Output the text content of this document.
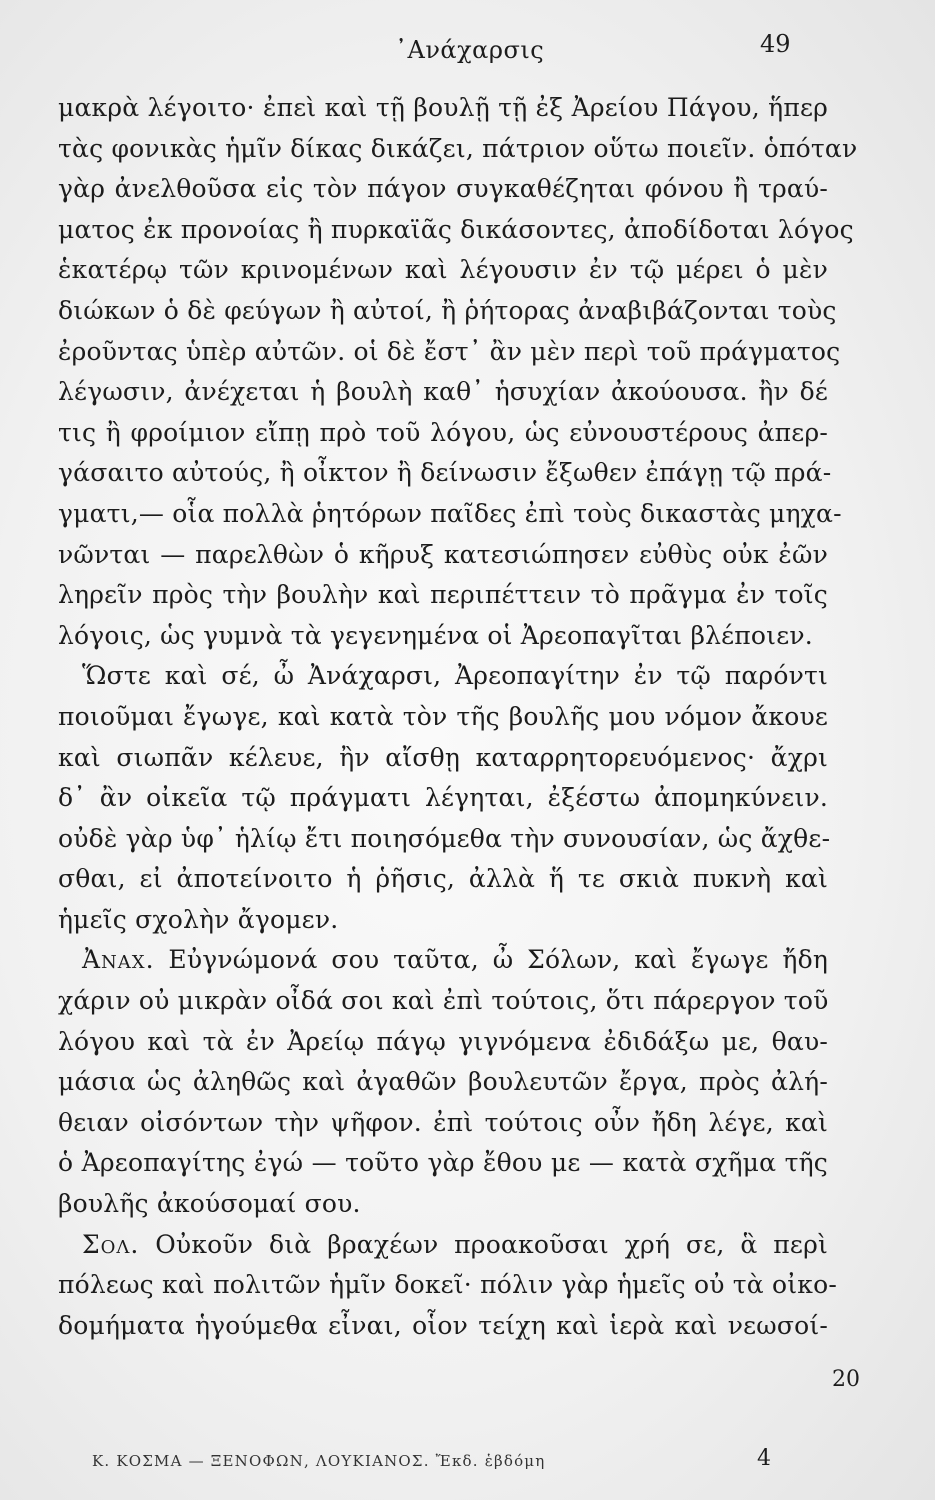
᾿Ανάχαρσις	49
μακρὰ λέγοιτο· ἐπεὶ καὶ τῇ βουλῇ τῇ ἐξ Ἀρείου Πάγου, ἥπερ
τὰς φονικὰς ἡμῖν δίκας δικάζει, πάτριον οὕτω ποιεῖν. ὁπόταν
γὰρ ἀνελθοῦσα εἰς τὸν πάγον συγκαθέζηται φόνου ἢ τραύ-
ματος ἐκ προνοίας ἢ πυρκαϊᾶς δικάσοντες, ἀποδίδοται λόγος
ἑκατέρῳ τῶν κρινομένων καὶ λέγουσιν ἐν τῷ μέρει ὁ μὲν
διώκων ὁ δὲ φεύγων ἢ αὐτοί, ἢ ῥήτορας ἀναβιβάζονται τοὺς
ἐροῦντας ὑπὲρ αὐτῶν. οἱ δὲ ἔστ᾿ ἂν μὲν περὶ τοῦ πράγματος
λέγωσιν, ἀνέχεται ἡ βουλὴ καθ᾿ ἡσυχίαν ἀκούουσα. ἢν δέ
τις ἢ φροίμιον εἴπῃ πρὸ τοῦ λόγου, ὡς εὐνουστέρους ἀπερ-
γάσαιτο αὐτούς, ἢ οἶκτον ἢ δείνωσιν ἔξωθεν ἐπάγῃ τῷ πρά-
γματι,— οἷα πολλὰ ῥητόρων παῖδες ἐπὶ τοὺς δικαστὰς μηχα-
νῶνται — παρελθὼν ὁ κῆρυξ κατεσιώπησεν εὐθὺς οὐκ ἐῶν
ληρεῖν πρὸς τὴν βουλὴν καὶ περιπέττειν τὸ πρᾶγμα ἐν τοῖς
λόγοις, ὡς γυμνὰ τὰ γεγενημένα οἱ Ἀρεοπαγῖται βλέποιεν.
Ὥστε καὶ σέ, ὦ Ἀνάχαρσι, Ἀρεοπαγίτην ἐν τῷ παρόντι
ποιοῦμαι ἔγωγε, καὶ κατὰ τὸν τῆς βουλῆς μου νόμον ἄκουε
καὶ σιωπᾶν κέλευε, ἢν αἴσθῃ καταρρητορευόμενος· ἄχρι
δ᾿ ἂν οἰκεῖα τῷ πράγματι λέγηται, ἐξέστω ἀπομηκύνειν.
οὐδὲ γὰρ ὑφ᾿ ἡλίῳ ἔτι ποιησόμεθα τὴν συνουσίαν, ὡς ἄχθε-
σθαι, εἰ ἀποτείνοιτο ἡ ῥῆσις, ἀλλὰ ἥ τε σκιὰ πυκνὴ καὶ
ἡμεῖς σχολὴν ἄγομεν.
Ἀναχ. Εὐγνώμονά σου ταῦτα, ὦ Σόλων, καὶ ἔγωγε ἤδη
χάριν οὐ μικρὰν οἶδά σοι καὶ ἐπὶ τούτοις, ὅτι πάρεργον τοῦ
λόγου καὶ τὰ ἐν Ἀρείῳ πάγῳ γιγνόμενα ἐδιδάξω με, θαυ-
μάσια ὡς ἀληθῶς καὶ ἀγαθῶν βουλευτῶν ἔργα, πρὸς ἀλή-
θειαν οἰσόντων τὴν ψῆφον. ἐπὶ τούτοις οὖν ἤδη λέγε, καὶ
ὁ Ἀρεοπαγίτης ἐγώ — τοῦτο γὰρ ἔθου με — κατὰ σχῆμα τῆς
βουλῆς ἀκούσομαί σου.
Σολ. Οὐκοῦν διὰ βραχέων προακοῦσαι χρή σε, ἃ περὶ
πόλεως καὶ πολιτῶν ἡμῖν δοκεῖ· πόλιν γὰρ ἡμεῖς οὐ τὰ οἰκο-
δομήματα ἡγούμεθα εἶναι, οἷον τείχη καὶ ἱερὰ καὶ νεωσοί-
20
Κ. ΚΟΣΜΑ — ΞΕΝΟΦΩΝ, ΛΟΥΚΙΑΝΟΣ. Ἔκδ. ἑβδόμη	4
